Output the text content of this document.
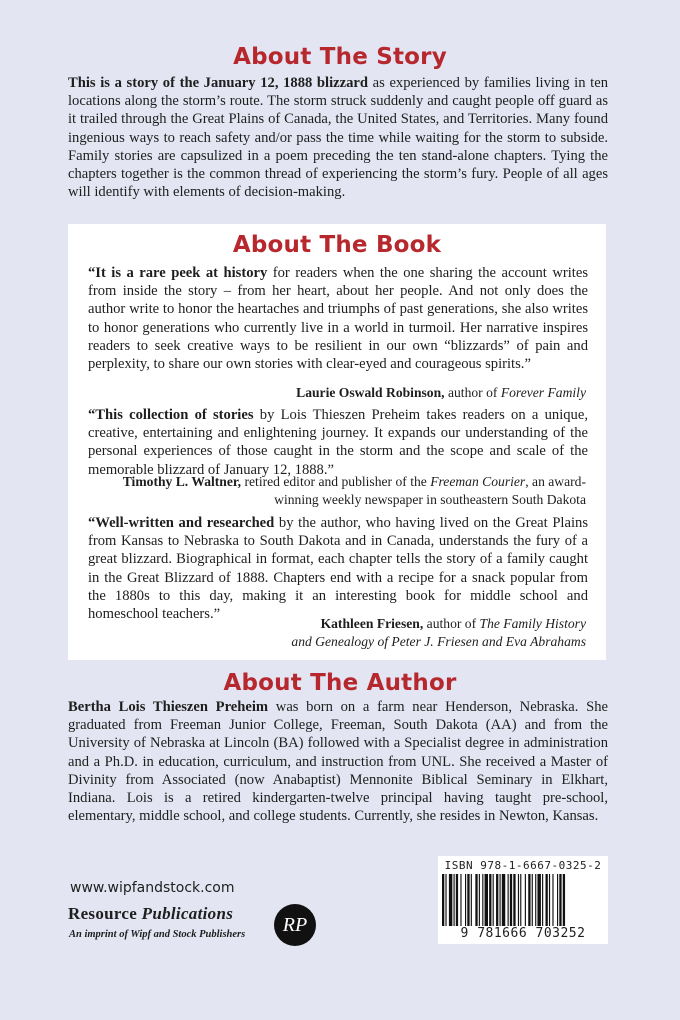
About The Story

This is a story of the January 12, 1888 blizzard as experienced by families living in ten locations along the storm’s route. The storm struck suddenly and caught people off guard as it trailed through the Great Plains of Canada, the United States, and Territories. Many found ingenious ways to reach safety and/or pass the time while waiting for the storm to subside. Family stories are capsulized in a poem preceding the ten stand-alone chapters. Tying the chapters together is the common thread of experiencing the storm’s fury. People of all ages will identify with elements of decision-making.

About The Book

“It is a rare peek at history for readers when the one sharing the account writes from inside the story – from her heart, about her people. And not only does the author write to honor the heartaches and triumphs of past generations, she also writes to honor generations who currently live in a world in turmoil. Her narrative inspires readers to seek creative ways to be resilient in our own “blizzards” of pain and perplexity, to share our own stories with clear-eyed and courageous spirits.”

Laurie Oswald Robinson, author of Forever Family

“This collection of stories by Lois Thieszen Preheim takes readers on a unique, creative, entertaining and enlightening journey. It expands our understanding of the personal experiences of those caught in the storm and the scope and scale of the memorable blizzard of January 12, 1888.”

Timothy L. Waltner, retired editor and publisher of the Freeman Courier, an award-winning weekly newspaper in southeastern South Dakota

“Well-written and researched by the author, who having lived on the Great Plains from Kansas to Nebraska to South Dakota and in Canada, understands the fury of a great blizzard. Biographical in format, each chapter tells the story of a family caught in the Great Blizzard of 1888. Chapters end with a recipe for a snack popular from the 1880s to this day, making it an interesting book for middle school and homeschool teachers.”

Kathleen Friesen, author of The Family History
and Genealogy of Peter J. Friesen and Eva Abrahams

About The Author

Bertha Lois Thieszen Preheim was born on a farm near Henderson, Nebraska. She graduated from Freeman Junior College, Freeman, South Dakota (AA) and from the University of Nebraska at Lincoln (BA) followed with a Specialist degree in administration and a Ph.D. in education, curriculum, and instruction from UNL. She received a Master of Divinity from Associated (now Anabaptist) Mennonite Biblical Seminary in Elkhart, Indiana. Lois is a retired kindergarten-twelve principal having taught pre-school, elementary, middle school, and college students. Currently, she resides in Newton, Kansas.

www.wipfandstock.com
Resource Publications
An imprint of Wipf and Stock Publishers	RP
ISBN 978-1-6667-0325-2
9 781666 703252
